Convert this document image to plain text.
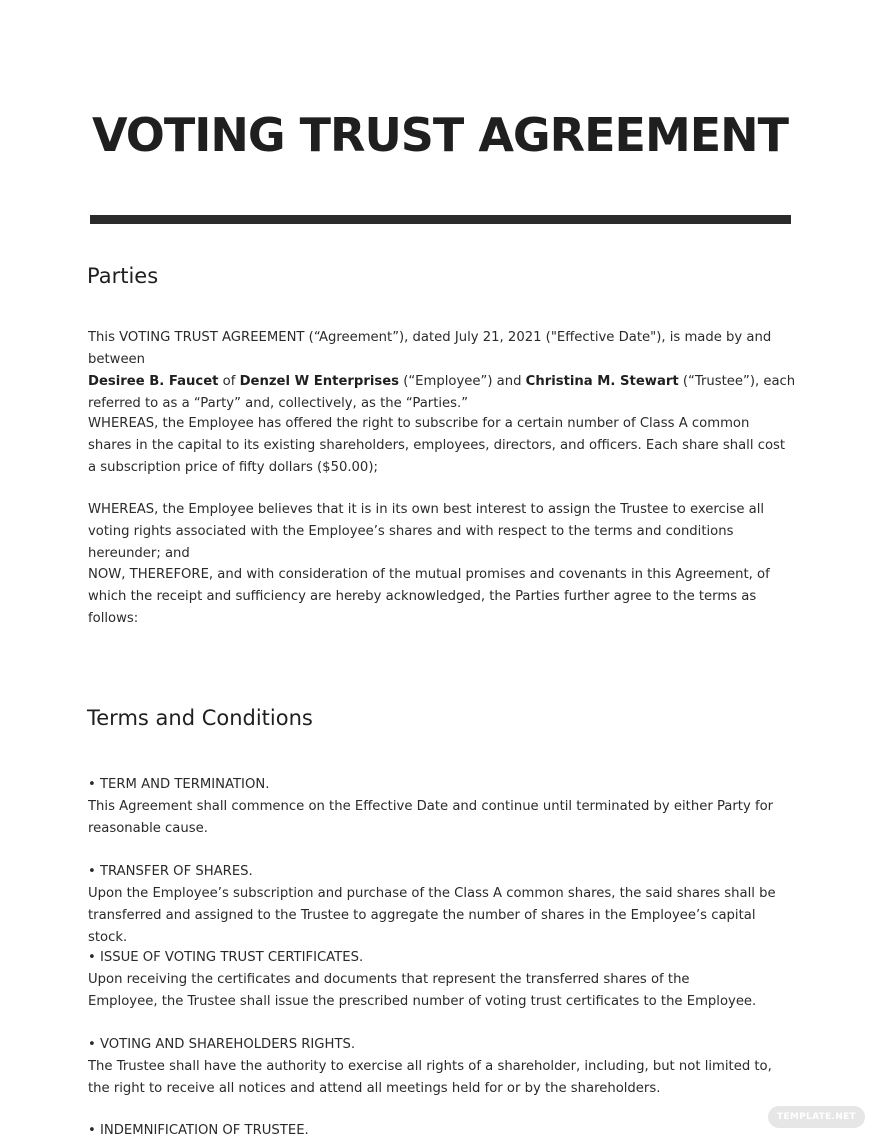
VOTING TRUST AGREEMENT
Parties

This VOTING TRUST AGREEMENT (“Agreement”), dated July 21, 2021 ("Effective Date"), is made by and between
Desiree B. Faucet of Denzel W Enterprises (“Employee”) and Christina M. Stewart (“Trustee”), each referred to as a “Party” and, collectively, as the “Parties.”

WHEREAS, the Employee has offered the right to subscribe for a certain number of Class A common shares in the capital to its existing shareholders, employees, directors, and officers. Each share shall cost a subscription price of fifty dollars ($50.00);

WHEREAS, the Employee believes that it is in its own best interest to assign the Trustee to exercise all voting rights associated with the Employee’s shares and with respect to the terms and conditions hereunder; and

NOW, THEREFORE, and with consideration of the mutual promises and covenants in this Agreement, of which the receipt and sufficiency are hereby acknowledged, the Parties further agree to the terms as follows:

Terms and Conditions
• TERM AND TERMINATION.
This Agreement shall commence on the Effective Date and continue until terminated by either Party for reasonable cause.
• TRANSFER OF SHARES.
Upon the Employee’s subscription and purchase of the Class A common shares, the said shares shall be transferred and assigned to the Trustee to aggregate the number of shares in the Employee’s capital stock.
• ISSUE OF VOTING TRUST CERTIFICATES.
Upon receiving the certificates and documents that represent the transferred shares of the Employee, the Trustee shall issue the prescribed number of voting trust certificates to the Employee.
• VOTING AND SHAREHOLDERS RIGHTS.
The Trustee shall have the authority to exercise all rights of a shareholder, including, but not limited to, the right to receive all notices and attend all meetings held for or by the shareholders.
• INDEMNIFICATION OF TRUSTEE.
TEMPLATE.NET
